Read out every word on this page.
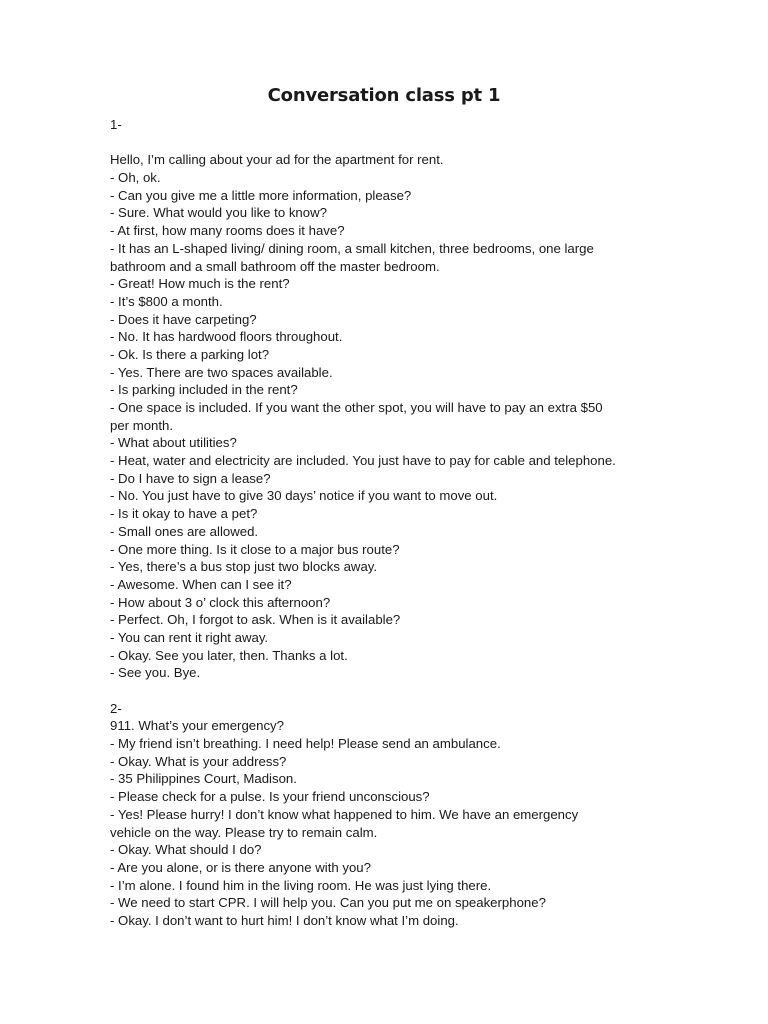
Conversation class pt 1
1-
Hello, I’m calling about your ad for the apartment for rent.
- Oh, ok.
- Can you give me a little more information, please?
- Sure. What would you like to know?
- At first, how many rooms does it have?
- It has an L-shaped living/ dining room, a small kitchen, three bedrooms, one large
bathroom and a small bathroom off the master bedroom.
- Great! How much is the rent?
- It’s $800 a month.
- Does it have carpeting?
- No. It has hardwood floors throughout.
- Ok. Is there a parking lot?
- Yes. There are two spaces available.
- Is parking included in the rent?
- One space is included. If you want the other spot, you will have to pay an extra $50
per month.
- What about utilities?
- Heat, water and electricity are included. You just have to pay for cable and telephone.
- Do I have to sign a lease?
- No. You just have to give 30 days’ notice if you want to move out.
- Is it okay to have a pet?
- Small ones are allowed.
- One more thing. Is it close to a major bus route?
- Yes, there’s a bus stop just two blocks away.
- Awesome. When can I see it?
- How about 3 o’ clock this afternoon?
- Perfect. Oh, I forgot to ask. When is it available?
- You can rent it right away.
- Okay. See you later, then. Thanks a lot.
- See you. Bye.
2-
911. What’s your emergency?
- My friend isn’t breathing. I need help! Please send an ambulance.
- Okay. What is your address?
- 35 Philippines Court, Madison.
- Please check for a pulse. Is your friend unconscious?
- Yes! Please hurry! I don’t know what happened to him. We have an emergency
vehicle on the way. Please try to remain calm.
- Okay. What should I do?
- Are you alone, or is there anyone with you?
- I’m alone. I found him in the living room. He was just lying there.
- We need to start CPR. I will help you. Can you put me on speakerphone?
- Okay. I don’t want to hurt him! I don’t know what I’m doing.
